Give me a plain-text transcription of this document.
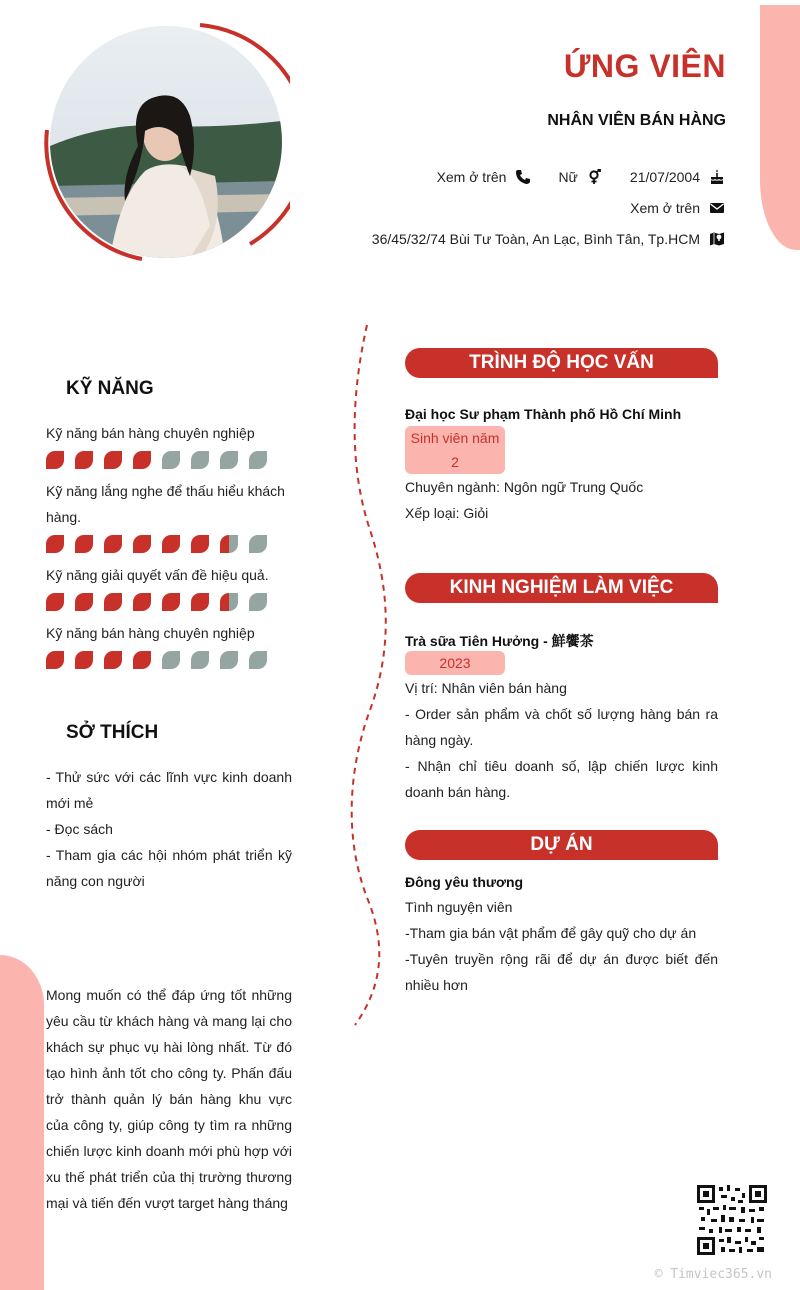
ỨNG VIÊN
NHÂN VIÊN BÁN HÀNG
Xem ở trên	Nữ	21/07/2004
Xem ở trên
36/45/32/74 Bùi Tư Toàn, An Lạc, Bình Tân, Tp.HCM
KỸ NĂNG
Kỹ năng bán hàng chuyên nghiệp
Kỹ năng lắng nghe để thấu hiểu khách hàng.
Kỹ năng giải quyết vấn đề hiệu quả.
Kỹ năng bán hàng chuyên nghiệp
SỞ THÍCH
- Thử sức với các lĩnh vực kinh doanh mới mẻ
- Đọc sách
- Tham gia các hội nhóm phát triển kỹ năng con người
Mong muốn có thể đáp ứng tốt những yêu cầu từ khách hàng và mang lại cho khách sự phục vụ hài lòng nhất. Từ đó tạo hình ảnh tốt cho công ty. Phấn đấu trở thành quản lý bán hàng khu vực của công ty, giúp công ty tìm ra những chiến lược kinh doanh mới phù hợp với xu thế phát triển của thị trường thương mại và tiến đến vượt target hàng tháng
TRÌNH ĐỘ HỌC VẤN
Đại học Sư phạm Thành phố Hồ Chí Minh
Sinh viên năm 2
Chuyên ngành: Ngôn ngữ Trung Quốc
Xếp loại: Giỏi
KINH NGHIỆM LÀM VIỆC
Trà sữa Tiên Hưởng - 鮮饗茶
2023
Vị trí: Nhân viên bán hàng
- Order sản phẩm và chốt số lượng hàng bán ra hàng ngày.
- Nhận chỉ tiêu doanh số, lập chiến lược kinh doanh bán hàng.
DỰ ÁN
Đông yêu thương
Tình nguyện viên
-Tham gia bán vật phẩm để gây quỹ cho dự án
-Tuyên truyền rộng rãi để dự án được biết đến nhiều hơn
© Timviec365.vn
